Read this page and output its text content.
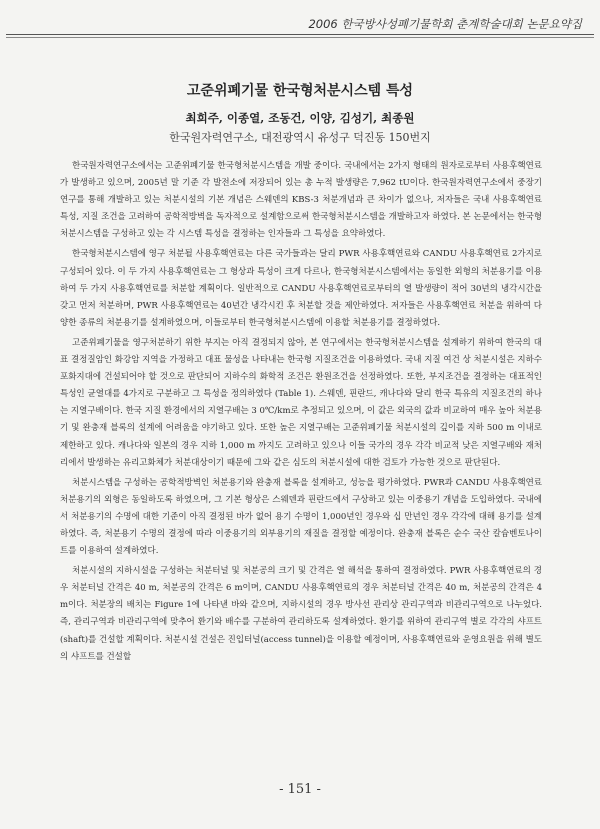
2006 한국방사성폐기물학회 춘계학술대회 논문요약집
고준위폐기물 한국형처분시스템 특성
최희주, 이종열, 조동건, 이양, 김성기, 최종원
한국원자력연구소, 대전광역시 유성구 덕진동 150번지

한국원자력연구소에서는 고준위폐기물 한국형처분시스템을 개발 중이다. 국내에서는 2가지 형태의 원자로로부터 사용후핵연료가 발생하고 있으며, 2005년 말 기준 각 발전소에 저장되어 있는 총 누적 발생량은 7,962 tU이다. 한국원자력연구소에서 중장기연구를 통해 개발하고 있는 처분시설의 기본 개념은 스웨덴의 KBS-3 처분개념과 큰 차이가 없으나, 저자들은 국내 사용후핵연료 특성, 지질 조건을 고려하여 공학적방벽을 독자적으로 설계함으로써 한국형처분시스템을 개발하고자 하였다. 본 논문에서는 한국형처분시스템을 구성하고 있는 각 시스템 특성을 결정하는 인자들과 그 특성을 요약하였다.

한국형처분시스템에 영구 처분될 사용후핵연료는 다른 국가들과는 달리 PWR 사용후핵연료와 CANDU 사용후핵연료 2가지로 구성되어 있다. 이 두 가지 사용후핵연료는 그 형상과 특성이 크게 다르나, 한국형처분시스템에서는 동일한 외형의 처분용기를 이용하여 두 가지 사용후핵연료를 처분할 계획이다. 일반적으로 CANDU 사용후핵연료로부터의 열 발생량이 적어 30년의 냉각시간을 갖고 먼저 처분하며, PWR 사용후핵연료는 40년간 냉각시킨 후 처분할 것을 제안하였다. 저자들은 사용후핵연료 처분을 위하여 다양한 종류의 처분용기를 설계하였으며, 이들로부터 한국형처분시스템에 이용할 처분용기를 결정하였다.

고준위폐기물을 영구처분하기 위한 부지는 아직 결정되지 않아, 본 연구에서는 한국형처분시스템을 설계하기 위하여 한국의 대표 결정질암인 화강암 지역을 가정하고 대표 물성을 나타내는 한국형 지질조건을 이용하였다. 국내 지질 여건 상 처분시설은 지하수 포화지대에 건설되어야 할 것으로 판단되어 지하수의 화학적 조건은 환원조건을 선정하였다. 또한, 부지조건을 결정하는 대표적인 특성인 균열대를 4가지로 구분하고 그 특성을 정의하였다 (Table 1). 스웨덴, 핀란드, 캐나다와 달리 한국 특유의 지질조건의 하나는 지열구배이다. 한국 지질 환경에서의 지열구배는 3 0℃/km로 추정되고 있으며, 이 값은 외국의 값과 비교하여 매우 높아 처분용기 및 완충재 블록의 설계에 어려움을 야기하고 있다. 또한 높은 지열구배는 고준위폐기물 처분시설의 깊이를 지하 500 m 이내로 제한하고 있다. 캐나다와 일본의 경우 지하 1,000 m 까지도 고려하고 있으나 이들 국가의 경우 각각 비교적 낮은 지열구배와 재처리에서 발생하는 유리고화체가 처분대상이기 때문에 그와 같은 심도의 처분시설에 대한 검토가 가능한 것으로 판단된다.

처분시스템을 구성하는 공학적방벽인 처분용기와 완충재 블록을 설계하고, 성능을 평가하였다. PWR과 CANDU 사용후핵연료 처분용기의 외형은 동일하도록 하였으며, 그 기본 형상은 스웨덴과 핀란드에서 구상하고 있는 이중용기 개념을 도입하였다. 국내에서 처분용기의 수명에 대한 기준이 아직 결정된 바가 없어 용기 수명이 1,000년인 경우와 십 만년인 경우 각각에 대해 용기를 설계하였다. 즉, 처분용기 수명의 결정에 따라 이중용기의 외부용기의 재질을 결정할 예정이다. 완충재 블록은 순수 국산 칼슘벤토나이트를 이용하여 설계하였다.

처분시설의 지하시설을 구성하는 처분터널 및 처분공의 크기 및 간격은 열 해석을 통하여 결정하였다. PWR 사용후핵연료의 경우 처분터널 간격은 40 m, 처분공의 간격은 6 m이며, CANDU 사용후핵연료의 경우 처분터널 간격은 40 m, 처분공의 간격은 4 m이다. 처분장의 배치는 Figure 1에 나타낸 바와 같으며, 지하시설의 경우 방사선 관리상 관리구역과 비관리구역으로 나누었다. 즉, 관리구역과 비관리구역에 맞추어 환기와 배수를 구분하여 관리하도록 설계하였다. 환기를 위하여 관리구역 별로 각각의 샤프트(shaft)를 건설할 계획이다. 처분시설 건설은 진입터널(access tunnel)을 이용할 예정이며, 사용후핵연료와 운영요원을 위해 별도의 샤프트를 건설할

- 151 -
